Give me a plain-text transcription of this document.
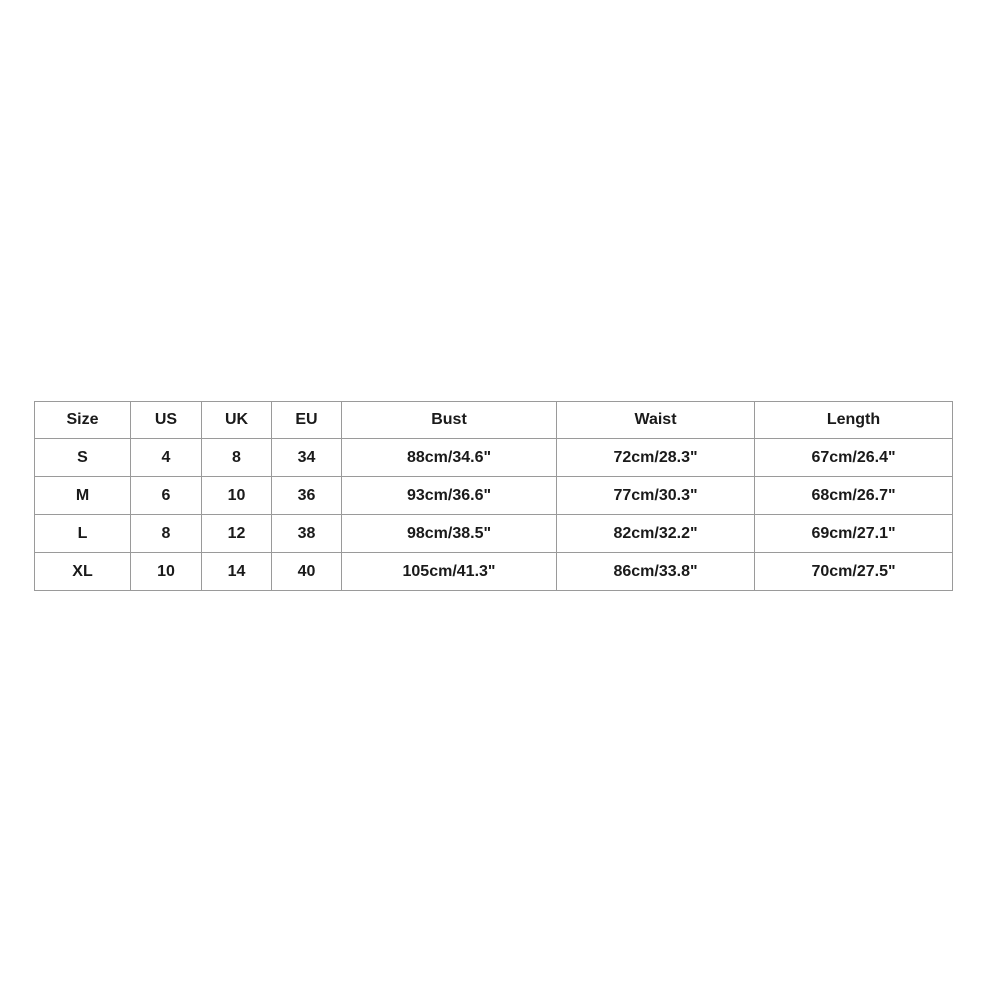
Size	US	UK	EU	Bust	Waist	Length
S	4	8	34	88cm/34.6"	72cm/28.3"	67cm/26.4"
M	6	10	36	93cm/36.6"	77cm/30.3"	68cm/26.7"
L	8	12	38	98cm/38.5"	82cm/32.2"	69cm/27.1"
XL	10	14	40	105cm/41.3"	86cm/33.8"	70cm/27.5"
